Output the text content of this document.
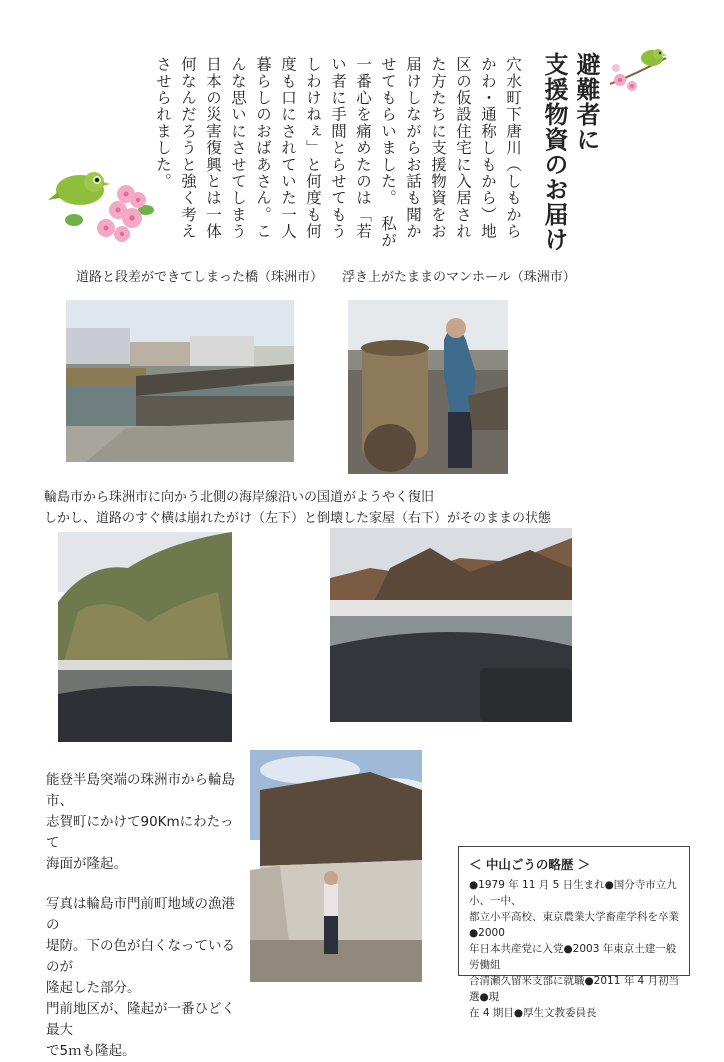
避難者に
支援物資のお届け
穴水町下唐川（しもからかわ・通称しもから）地区の仮設住宅に入居された方たちに支援物資をお届けしながらお話も聞かせてもらいました。　私が一番心を痛めたのは「若い者に手間とらせてもうしわけねぇ」と何度も何度も口にされていた一人暮らしのおばあさん。こんな思いにさせてしまう日本の災害復興とは一体何なんだろうと強く考えさせられました。
道路と段差ができてしまった橋（珠洲市） 浮き上がたままのマンホール（珠洲市）
輪島市から珠洲市に向かう北側の海岸線沿いの国道がようやく復旧
しかし、道路のすぐ横は崩れたがけ（左下）と倒壊した家屋（右下）がそのままの状態
能登半島突端の珠洲市から輪島市、
志賀町にかけて90Kmにわたって
海面が隆起。
写真は輪島市門前町地域の漁港の
堤防。下の色が白くなっているのが
隆起した部分。
門前地区が、隆起が一番ひどく最大
で5ｍも隆起。
＜ 中山ごうの略歴 ＞
●1979 年 11 月 5 日生まれ●国分寺市立九小、一中、
都立小平高校、東京農業大学畜産学科を卒業●2000
年日本共産党に入党●2003 年東京土建一般労働組
合清瀬久留米支部に就職●2011 年 4 月初当選●現
在 4 期目●厚生文教委員長
